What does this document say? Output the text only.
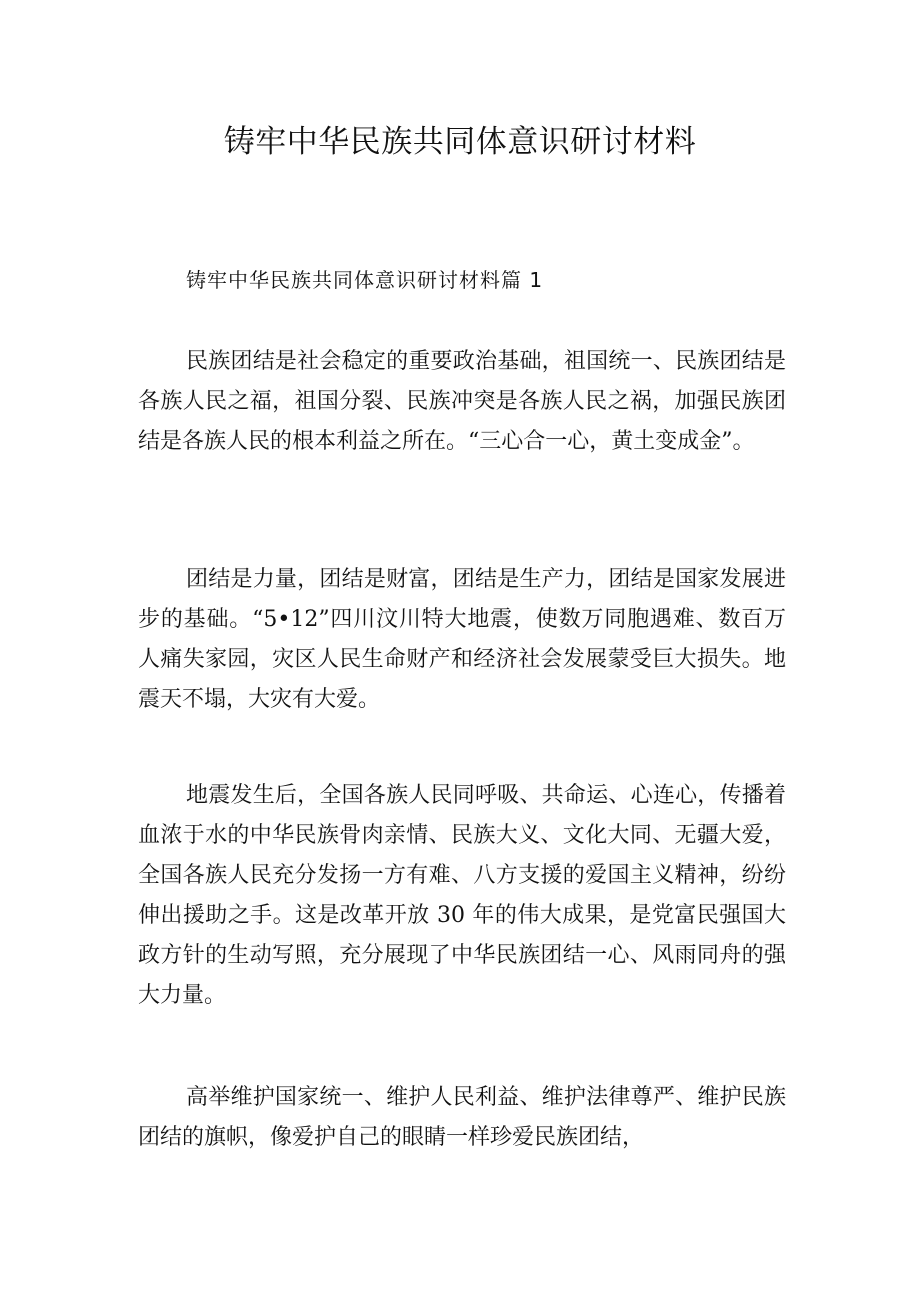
铸牢中华民族共同体意识研讨材料

铸牢中华民族共同体意识研讨材料篇 1

民族团结是社会稳定的重要政治基础，祖国统一、民族团结是各族人民之福，祖国分裂、民族冲突是各族人民之祸，加强民族团结是各族人民的根本利益之所在。“三心合一心，黄土变成金”。

团结是力量，团结是财富，团结是生产力，团结是国家发展进步的基础。“5•12”四川汶川特大地震，使数万同胞遇难、数百万人痛失家园，灾区人民生命财产和经济社会发展蒙受巨大损失。地震天不塌，大灾有大爱。

地震发生后，全国各族人民同呼吸、共命运、心连心，传播着血浓于水的中华民族骨肉亲情、民族大义、文化大同、无疆大爱，全国各族人民充分发扬一方有难、八方支援的爱国主义精神，纷纷伸出援助之手。这是改革开放 30 年的伟大成果，是党富民强国大政方针的生动写照，充分展现了中华民族团结一心、风雨同舟的强大力量。

高举维护国家统一、维护人民利益、维护法律尊严、维护民族团结的旗帜，像爱护自己的眼睛一样珍爱民族团结，
